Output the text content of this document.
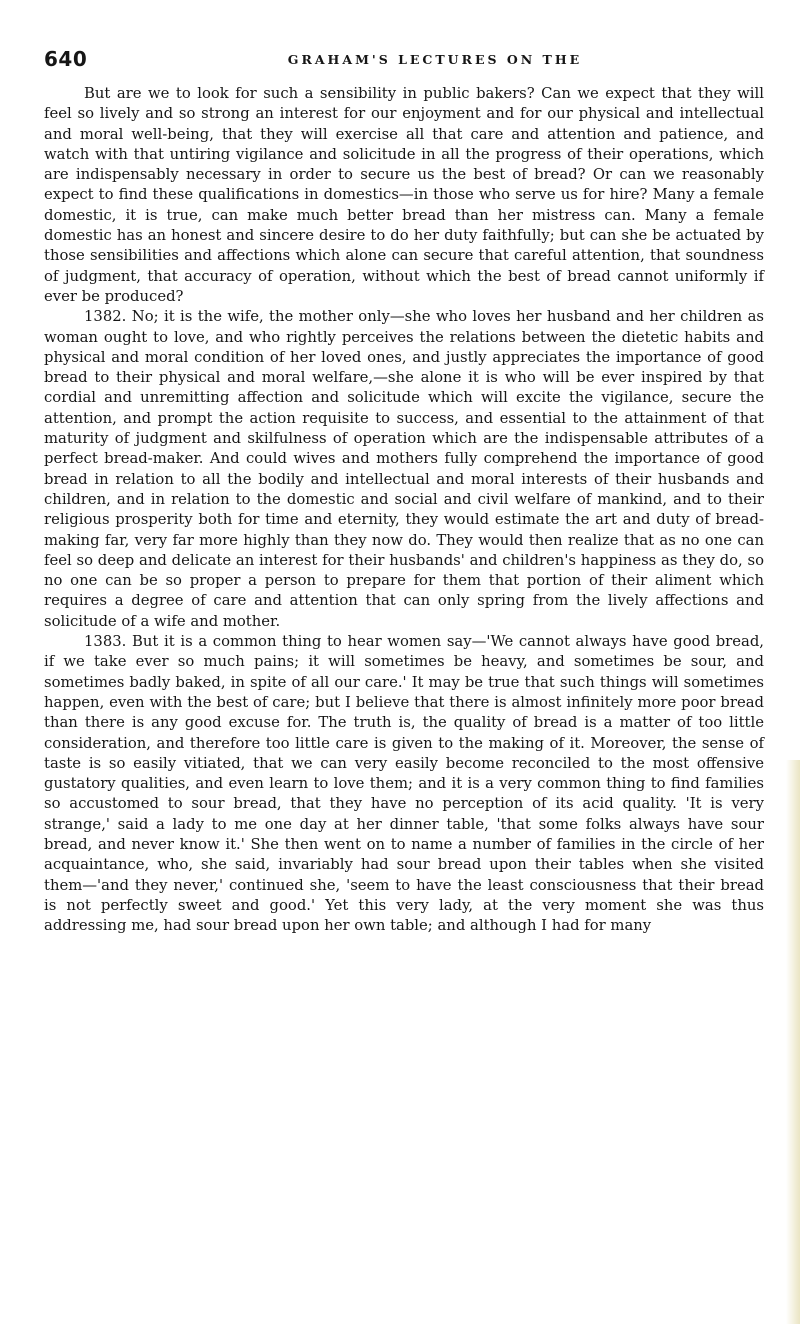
640	GRAHAM'S LECTURES ON THE

But are we to look for such a sensibility in public bakers? Can we expect that they will feel so lively and so strong an interest for our enjoyment and for our physical and intellectual and moral well-being, that they will exercise all that care and attention and patience, and watch with that untiring vigilance and solicitude in all the progress of their operations, which are indispensably necessary in order to secure us the best of bread? Or can we reasonably expect to find these qualifications in domestics—in those who serve us for hire? Many a female domestic, it is true, can make much better bread than her mistress can. Many a female domestic has an honest and sincere desire to do her duty faithfully; but can she be actuated by those sensibilities and affections which alone can secure that careful attention, that soundness of judgment, that accuracy of operation, without which the best of bread cannot uniformly if ever be produced?

1382. No; it is the wife, the mother only—she who loves her husband and her children as woman ought to love, and who rightly perceives the relations between the dietetic habits and physical and moral condition of her loved ones, and justly appreciates the importance of good bread to their physical and moral welfare,—she alone it is who will be ever inspired by that cordial and unremitting affection and solicitude which will excite the vigilance, secure the attention, and prompt the action requisite to success, and essential to the attainment of that maturity of judgment and skilfulness of operation which are the indispensable attributes of a perfect bread-maker. And could wives and mothers fully comprehend the importance of good bread in relation to all the bodily and intellectual and moral interests of their husbands and children, and in relation to the domestic and social and civil welfare of mankind, and to their religious prosperity both for time and eternity, they would estimate the art and duty of bread-making far, very far more highly than they now do. They would then realize that as no one can feel so deep and delicate an interest for their husbands' and children's happiness as they do, so no one can be so proper a person to prepare for them that portion of their aliment which requires a degree of care and attention that can only spring from the lively affections and solicitude of a wife and mother.

1383. But it is a common thing to hear women say—'We cannot always have good bread, if we take ever so much pains; it will sometimes be heavy, and sometimes be sour, and sometimes badly baked, in spite of all our care.' It may be true that such things will sometimes happen, even with the best of care; but I believe that there is almost infinitely more poor bread than there is any good excuse for. The truth is, the quality of bread is a matter of too little consideration, and therefore too little care is given to the making of it. Moreover, the sense of taste is so easily vitiated, that we can very easily become reconciled to the most offensive gustatory qualities, and even learn to love them; and it is a very common thing to find families so accustomed to sour bread, that they have no perception of its acid quality. 'It is very strange,' said a lady to me one day at her dinner table, 'that some folks always have sour bread, and never know it.' She then went on to name a number of families in the circle of her acquaintance, who, she said, invariably had sour bread upon their tables when she visited them—'and they never,' continued she, 'seem to have the least consciousness that their bread is not perfectly sweet and good.' Yet this very lady, at the very moment she was thus addressing me, had sour bread upon her own table; and although I had for many
